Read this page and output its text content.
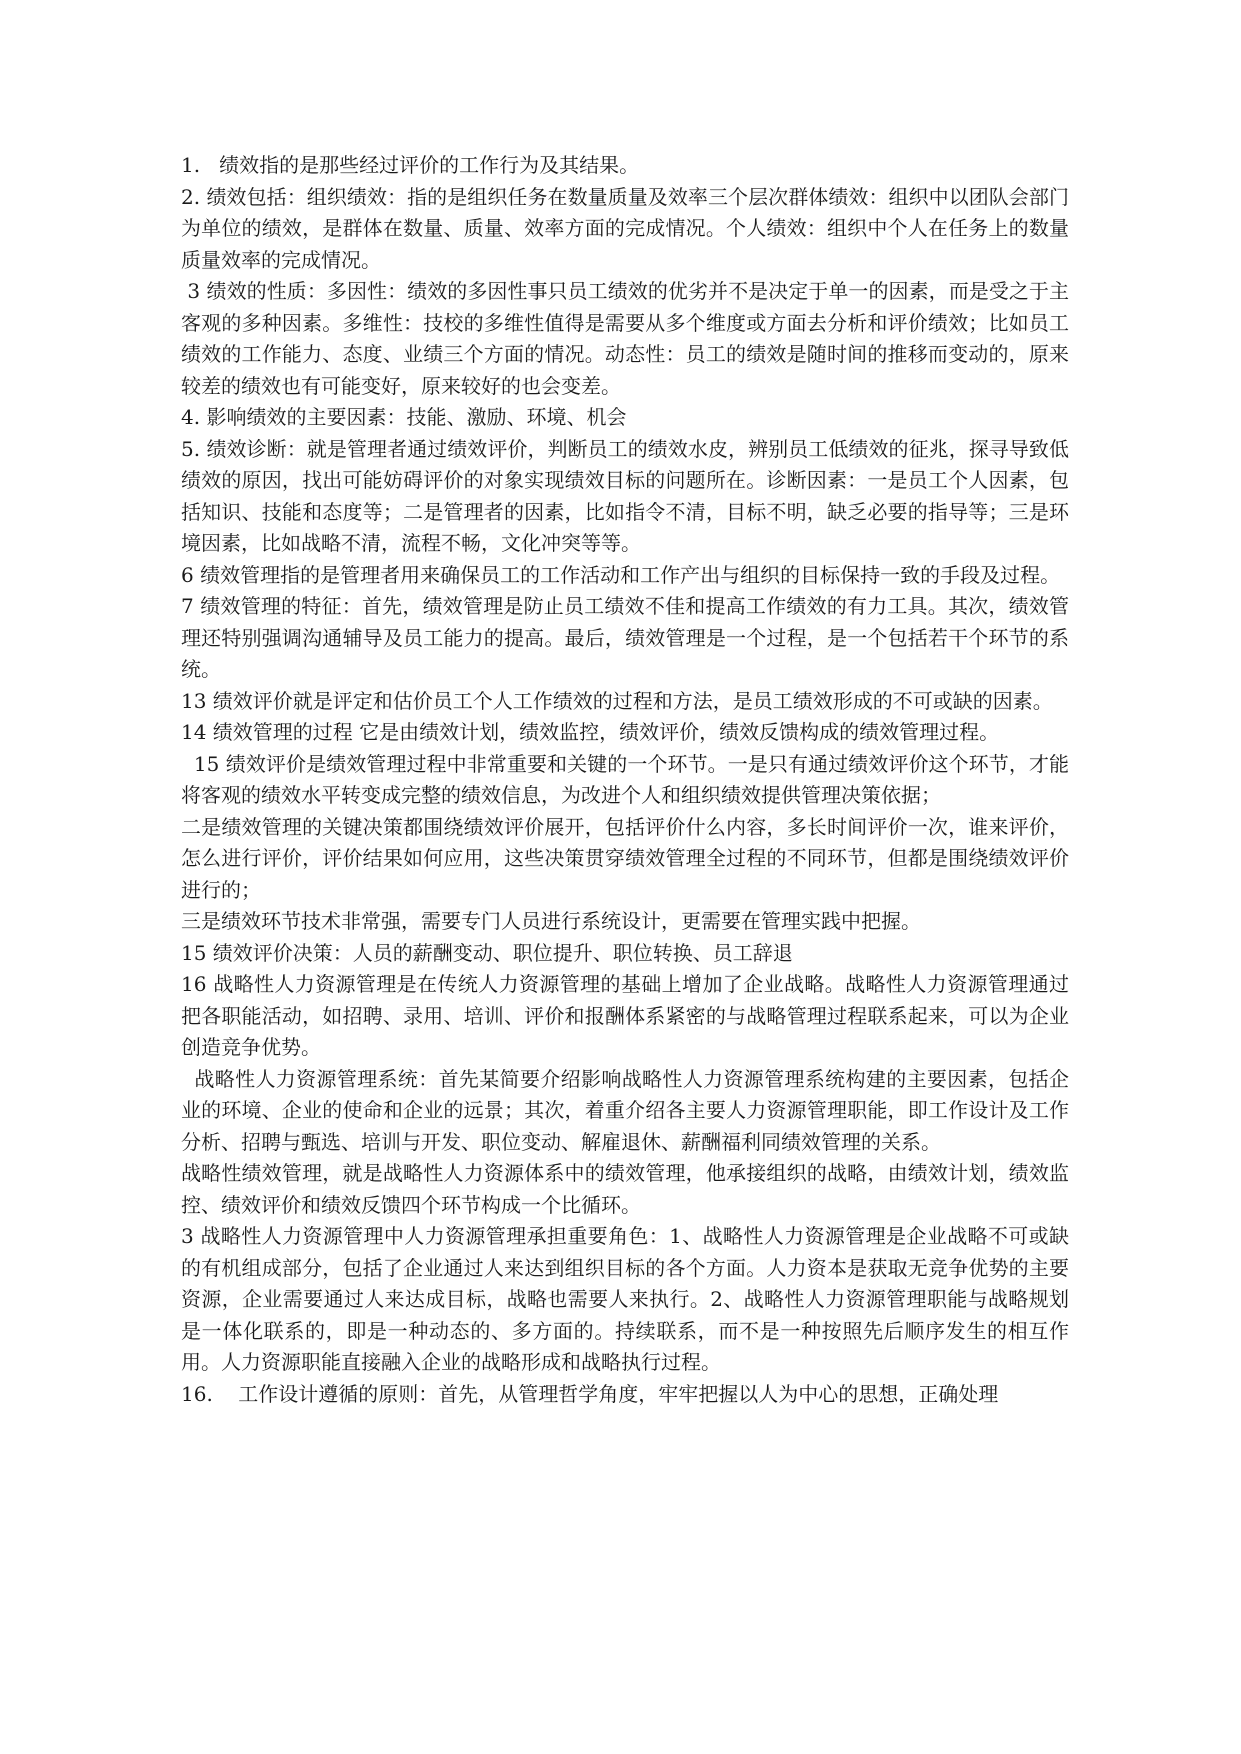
1.   绩效指的是那些经过评价的工作行为及其结果。

2. 绩效包括：组织绩效：指的是组织任务在数量质量及效率三个层次群体绩效：组织中以团队会部门为单位的绩效，是群体在数量、质量、效率方面的完成情况。个人绩效：组织中个人在任务上的数量质量效率的完成情况。

3 绩效的性质：多因性：绩效的多因性事只员工绩效的优劣并不是决定于单一的因素，而是受之于主客观的多种因素。多维性：技校的多维性值得是需要从多个维度或方面去分析和评价绩效；比如员工绩效的工作能力、态度、业绩三个方面的情况。动态性：员工的绩效是随时间的推移而变动的，原来较差的绩效也有可能变好，原来较好的也会变差。

4. 影响绩效的主要因素：技能、激励、环境、机会

5. 绩效诊断：就是管理者通过绩效评价，判断员工的绩效水皮，辨别员工低绩效的征兆，探寻导致低绩效的原因，找出可能妨碍评价的对象实现绩效目标的问题所在。诊断因素：一是员工个人因素，包括知识、技能和态度等；二是管理者的因素，比如指令不清，目标不明，缺乏必要的指导等；三是环境因素，比如战略不清，流程不畅，文化冲突等等。

6 绩效管理指的是管理者用来确保员工的工作活动和工作产出与组织的目标保持一致的手段及过程。

7 绩效管理的特征：首先，绩效管理是防止员工绩效不佳和提高工作绩效的有力工具。其次，绩效管理还特别强调沟通辅导及员工能力的提高。最后，绩效管理是一个过程，是一个包括若干个环节的系统。

13 绩效评价就是评定和估价员工个人工作绩效的过程和方法，是员工绩效形成的不可或缺的因素。

14 绩效管理的过程 它是由绩效计划，绩效监控，绩效评价，绩效反馈构成的绩效管理过程。

15 绩效评价是绩效管理过程中非常重要和关键的一个环节。一是只有通过绩效评价这个环节，才能将客观的绩效水平转变成完整的绩效信息，为改进个人和组织绩效提供管理决策依据；

二是绩效管理的关键决策都围绕绩效评价展开，包括评价什么内容，多长时间评价一次，谁来评价，怎么进行评价，评价结果如何应用，这些决策贯穿绩效管理全过程的不同环节，但都是围绕绩效评价进行的；

三是绩效环节技术非常强，需要专门人员进行系统设计，更需要在管理实践中把握。

15 绩效评价决策：人员的薪酬变动、职位提升、职位转换、员工辞退

16 战略性人力资源管理是在传统人力资源管理的基础上增加了企业战略。战略性人力资源管理通过把各职能活动，如招聘、录用、培训、评价和报酬体系紧密的与战略管理过程联系起来，可以为企业创造竞争优势。

战略性人力资源管理系统：首先某简要介绍影响战略性人力资源管理系统构建的主要因素，包括企业的环境、企业的使命和企业的远景；其次，着重介绍各主要人力资源管理职能，即工作设计及工作分析、招聘与甄选、培训与开发、职位变动、解雇退休、薪酬福利同绩效管理的关系。

战略性绩效管理，就是战略性人力资源体系中的绩效管理，他承接组织的战略，由绩效计划，绩效监控、绩效评价和绩效反馈四个环节构成一个比循环。

3 战略性人力资源管理中人力资源管理承担重要角色：1、战略性人力资源管理是企业战略不可或缺的有机组成部分，包括了企业通过人来达到组织目标的各个方面。人力资本是获取无竞争优势的主要资源，企业需要通过人来达成目标，战略也需要人来执行。2、战略性人力资源管理职能与战略规划是一体化联系的，即是一种动态的、多方面的。持续联系，而不是一种按照先后顺序发生的相互作用。人力资源职能直接融入企业的战略形成和战略执行过程。

16.    工作设计遵循的原则：首先，从管理哲学角度，牢牢把握以人为中心的思想，正确处理
